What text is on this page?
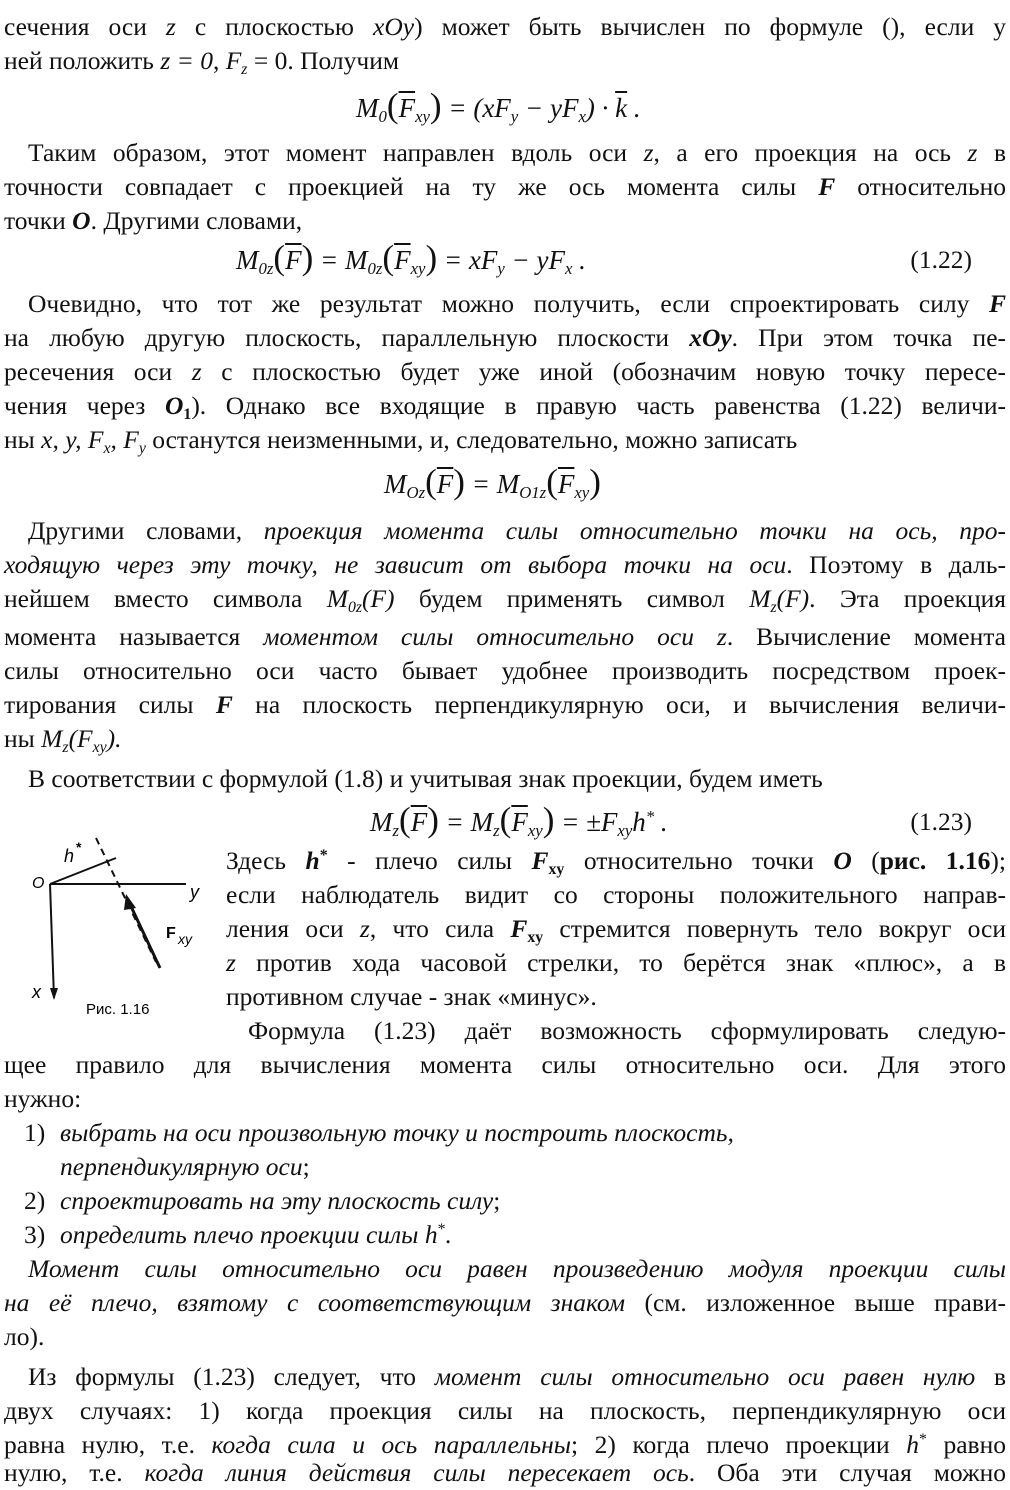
сечения оси z с плоскостью xOy) может быть вычислен по формуле (), если у
ней положить z = 0, $F_z = 0$. Получим
$M_0(\overline{F}_{xy}) = (xF_y - yF_x) \cdot \overline{k}$ .
Таким образом, этот момент направлен вдоль оси z, а его проекция на ось z в
точности совпадает с проекцией на ту же ось момента силы F относительно
точки O. Другими словами,
$M_{0z}(\overline{F}) = M_{0z}(\overline{F}_{xy}) = xF_y - yF_x$ .	(1.22)
Очевидно, что тот же результат можно получить, если спроектировать силу F
на любую другую плоскость, параллельную плоскости xOy. При этом точка пе-
ресечения оси z с плоскостью будет уже иной (обозначим новую точку пересе-
чения через $O_1$). Однако все входящие в правую часть равенства (1.22) величи-
ны x, y, $F_x$, $F_y$ останутся неизменными, и, следовательно, можно записать
$M_{Oz}(\overline{F}) = M_{O1z}(\overline{F}_{xy})$
Другими словами, проекция момента силы относительно точки на ось, про-
ходящую через эту точку, не зависит от выбора точки на оси. Поэтому в даль-
нейшем вместо символа $M_{0z}(F)$ будем применять символ $M_z(F)$. Эта проекция
момента называется моментом силы относительно оси z. Вычисление момента
силы относительно оси часто бывает удобнее производить посредством проек-
тирования силы F на плоскость перпендикулярную оси, и вычисления величи-
ны $M_z(F_{xy})$.
В соответствии с формулой (1.8) и учитывая знак проекции, будем иметь
$M_z(\overline{F}) = M_z(\overline{F}_{xy}) = \pm F_{xy}h^*$ .	(1.23)
h *
O	y
x
F xy
Рис. 1.16
Здесь h* - плечо силы $F_{xy}$ относительно точки O (рис. 1.16);
если наблюдатель видит со стороны положительного направ-
ления оси z, что сила $F_{xy}$ стремится повернуть тело вокруг оси
z против хода часовой стрелки, то берётся знак «плюс», а в
противном случае - знак «минус».
Формула (1.23) даёт возможность сформулировать следую-
щее правило для вычисления момента силы относительно оси. Для этого
нужно:
1) выбрать на оси произвольную точку и построить плоскость,
перпендикулярную оси;
2) спроектировать на эту плоскость силу;
3) определить плечо проекции силы h*.
Момент силы относительно оси равен произведению модуля проекции силы
на её плечо, взятому с соответствующим знаком (см. изложенное выше прави-
ло).
Из формулы (1.23) следует, что момент силы относительно оси равен нулю в
двух случаях: 1) когда проекция силы на плоскость, перпендикулярную оси
равна нулю, т.е. когда сила и ось параллельны; 2) когда плечо проекции h* равно
нулю, т.е. когда линия действия силы пересекает ось. Оба эти случая можно
